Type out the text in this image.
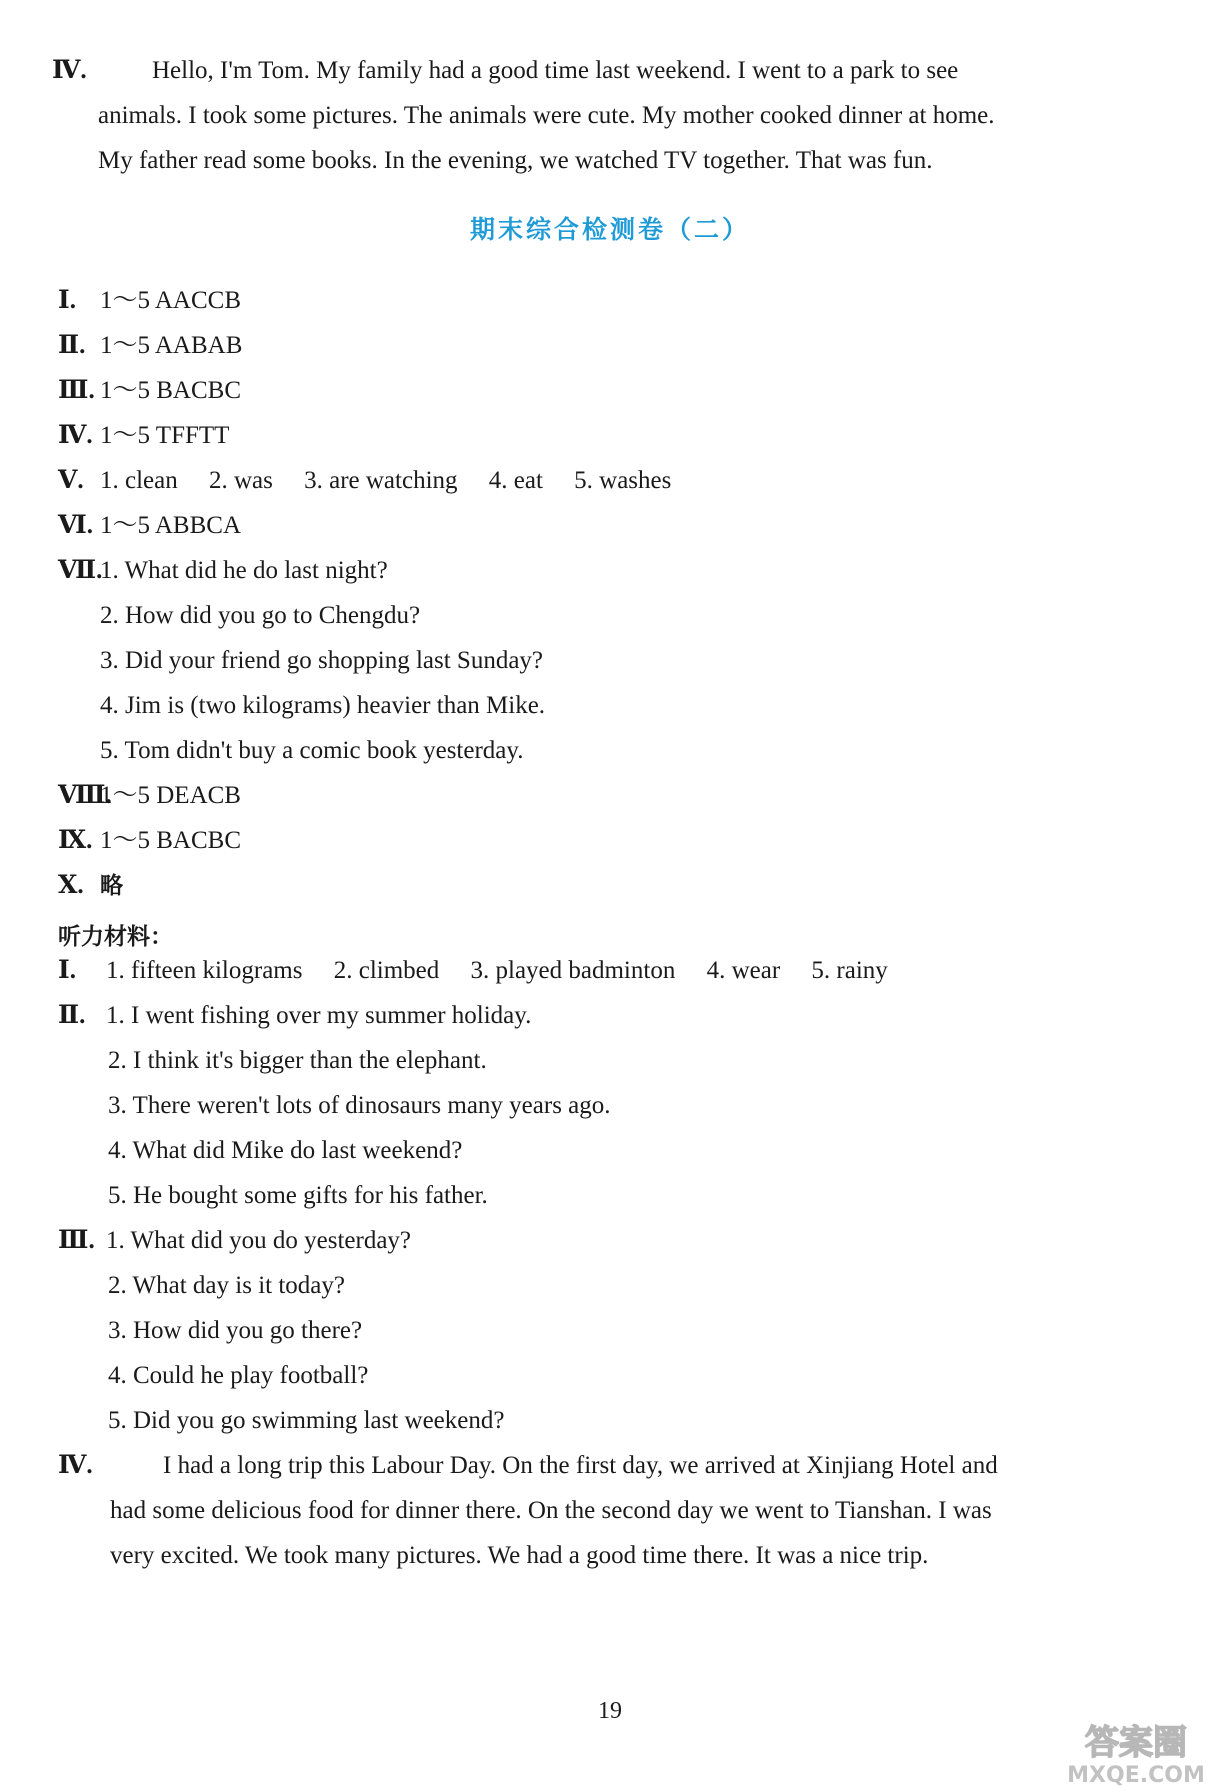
Ⅳ.	Hello, I'm Tom. My family had a good time last weekend. I went to a park to see
animals. I took some pictures. The animals were cute. My mother cooked dinner at home.
My father read some books. In the evening, we watched TV together. That was fun.
期末综合检测卷（二）
Ⅰ. 1～5 AACCB
Ⅱ. 1～5 AABAB
Ⅲ. 1～5 BACBC
Ⅳ. 1～5 TFFTT
Ⅴ. 1. clean　 2. was　 3. are watching　 4. eat　 5. washes
Ⅵ. 1～5 ABBCA
Ⅶ.1. What did he do last night?
2. How did you go to Chengdu?
3. Did your friend go shopping last Sunday?
4. Jim is (two kilograms) heavier than Mike.
5. Tom didn't buy a comic book yesterday.
Ⅷ.1～5 DEACB
Ⅸ. 1～5 BACBC
Ⅹ. 略
听力材料：
Ⅰ. 1. fifteen kilograms　 2. climbed　 3. played badminton　 4. wear　 5. rainy
Ⅱ. 1. I went fishing over my summer holiday.
2. I think it's bigger than the elephant.
3. There weren't lots of dinosaurs many years ago.
4. What did Mike do last weekend?
5. He bought some gifts for his father.
Ⅲ. 1. What did you do yesterday?
2. What day is it today?
3. How did you go there?
4. Could he play football?
5. Did you go swimming last weekend?
Ⅳ.	I had a long trip this Labour Day. On the first day, we arrived at Xinjiang Hotel and
had some delicious food for dinner there. On the second day we went to Tianshan. I was
very excited. We took many pictures. We had a good time there. It was a nice trip.
19
答案圈
MXQE.COM
